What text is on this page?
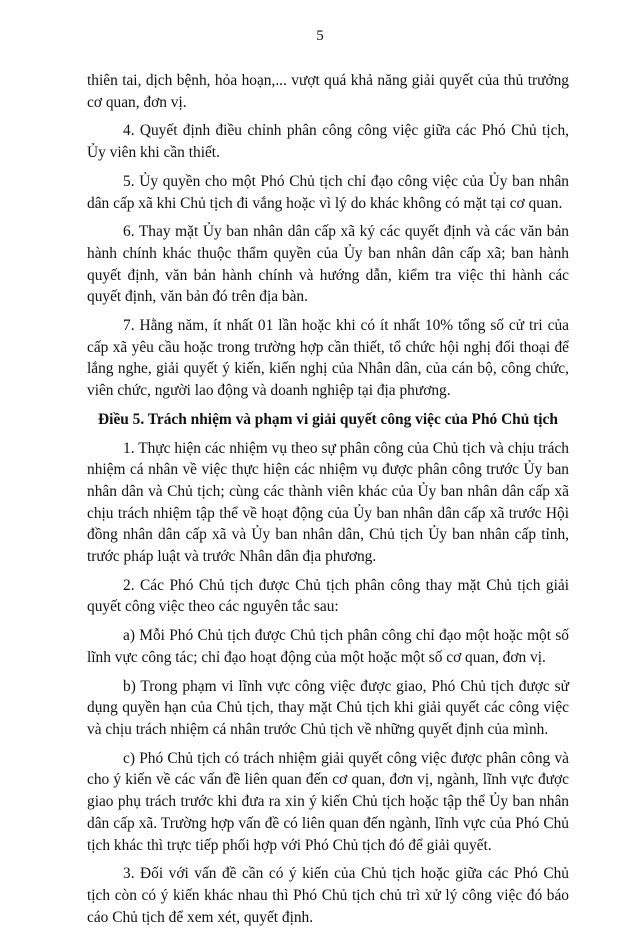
5

thiên tai, dịch bệnh, hỏa hoạn,... vượt quá khả năng giải quyết của thủ trưởng cơ quan, đơn vị.

4. Quyết định điều chỉnh phân công công việc giữa các Phó Chủ tịch, Ủy viên khi cần thiết.

5. Ủy quyền cho một Phó Chủ tịch chỉ đạo công việc của Ủy ban nhân dân cấp xã khi Chủ tịch đi vắng hoặc vì lý do khác không có mặt tại cơ quan.

6. Thay mặt Ủy ban nhân dân cấp xã ký các quyết định và các văn bản hành chính khác thuộc thẩm quyền của Ủy ban nhân dân cấp xã; ban hành quyết định, văn bản hành chính và hướng dẫn, kiểm tra việc thi hành các quyết định, văn bản đó trên địa bàn.

7. Hằng năm, ít nhất 01 lần hoặc khi có ít nhất 10% tổng số cử tri của cấp xã yêu cầu hoặc trong trường hợp cần thiết, tổ chức hội nghị đối thoại để lắng nghe, giải quyết ý kiến, kiến nghị của Nhân dân, của cán bộ, công chức, viên chức, người lao động và doanh nghiệp tại địa phương.

Điều 5. Trách nhiệm và phạm vi giải quyết công việc của Phó Chủ tịch

1. Thực hiện các nhiệm vụ theo sự phân công của Chủ tịch và chịu trách nhiệm cá nhân về việc thực hiện các nhiệm vụ được phân công trước Ủy ban nhân dân và Chủ tịch; cùng các thành viên khác của Ủy ban nhân dân cấp xã chịu trách nhiệm tập thể về hoạt động của Ủy ban nhân dân cấp xã trước Hội đồng nhân dân cấp xã và Ủy ban nhân dân, Chủ tịch Ủy ban nhân cấp tỉnh, trước pháp luật và trước Nhân dân địa phương.

2. Các Phó Chủ tịch được Chủ tịch phân công thay mặt Chủ tịch giải quyết công việc theo các nguyên tắc sau:

a) Mỗi Phó Chủ tịch được Chủ tịch phân công chỉ đạo một hoặc một số lĩnh vực công tác; chỉ đạo hoạt động của một hoặc một số cơ quan, đơn vị.

b) Trong phạm vi lĩnh vực công việc được giao, Phó Chủ tịch được sử dụng quyền hạn của Chủ tịch, thay mặt Chủ tịch khi giải quyết các công việc và chịu trách nhiệm cá nhân trước Chủ tịch về những quyết định của mình.

c) Phó Chủ tịch có trách nhiệm giải quyết công việc được phân công và cho ý kiến về các vấn đề liên quan đến cơ quan, đơn vị, ngành, lĩnh vực được giao phụ trách trước khi đưa ra xin ý kiến Chủ tịch hoặc tập thể Ủy ban nhân dân cấp xã. Trường hợp vấn đề có liên quan đến ngành, lĩnh vực của Phó Chủ tịch khác thì trực tiếp phối hợp với Phó Chủ tịch đó để giải quyết.

3. Đối với vấn đề cần có ý kiến của Chủ tịch hoặc giữa các Phó Chủ tịch còn có ý kiến khác nhau thì Phó Chủ tịch chủ trì xử lý công việc đó báo cáo Chủ tịch để xem xét, quyết định.
